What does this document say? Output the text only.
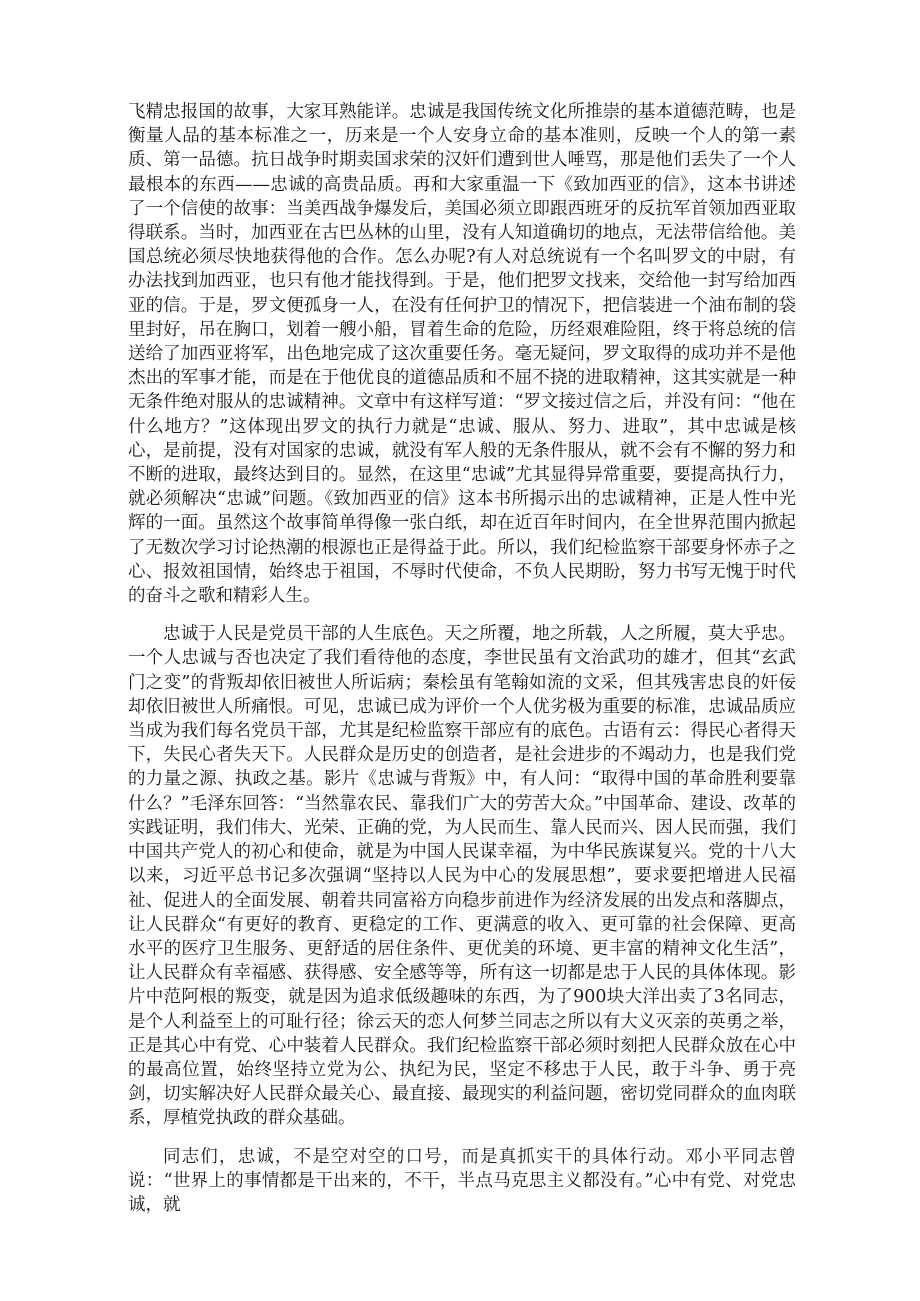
飞精忠报国的故事，大家耳熟能详。忠诚是我国传统文化所推崇的基本道德范畴，也是衡量人品的基本标准之一，历来是一个人安身立命的基本准则，反映一个人的第一素质、第一品德。抗日战争时期卖国求荣的汉奸们遭到世人唾骂，那是他们丢失了一个人最根本的东西——忠诚的高贵品质。再和大家重温一下《致加西亚的信》，这本书讲述了一个信使的故事：当美西战争爆发后，美国必须立即跟西班牙的反抗军首领加西亚取得联系。当时，加西亚在古巴丛林的山里，没有人知道确切的地点，无法带信给他。美国总统必须尽快地获得他的合作。怎么办呢?有人对总统说有一个名叫罗文的中尉，有办法找到加西亚，也只有他才能找得到。于是，他们把罗文找来，交给他一封写给加西亚的信。于是，罗文便孤身一人，在没有任何护卫的情况下，把信装进一个油布制的袋里封好，吊在胸口，划着一艘小船，冒着生命的危险，历经艰难险阻，终于将总统的信送给了加西亚将军，出色地完成了这次重要任务。毫无疑问，罗文取得的成功并不是他杰出的军事才能，而是在于他优良的道德品质和不屈不挠的进取精神，这其实就是一种无条件绝对服从的忠诚精神。文章中有这样写道：“罗文接过信之后，并没有问：“他在什么地方？”这体现出罗文的执行力就是“忠诚、服从、努力、进取”，其中忠诚是核心，是前提，没有对国家的忠诚，就没有军人般的无条件服从，就不会有不懈的努力和不断的进取，最终达到目的。显然，在这里“忠诚”尤其显得异常重要，要提高执行力，就必须解决“忠诚”问题。《致加西亚的信》这本书所揭示出的忠诚精神，正是人性中光辉的一面。虽然这个故事简单得像一张白纸，却在近百年时间内，在全世界范围内掀起了无数次学习讨论热潮的根源也正是得益于此。所以，我们纪检监察干部要身怀赤子之心、报效祖国情，始终忠于祖国，不辱时代使命，不负人民期盼，努力书写无愧于时代的奋斗之歌和精彩人生。

忠诚于人民是党员干部的人生底色。天之所覆，地之所载，人之所履，莫大乎忠。一个人忠诚与否也决定了我们看待他的态度，李世民虽有文治武功的雄才，但其“玄武门之变”的背叛却依旧被世人所诟病；秦桧虽有笔翰如流的文采，但其残害忠良的奸佞却依旧被世人所痛恨。可见，忠诚已成为评价一个人优劣极为重要的标准，忠诚品质应当成为我们每名党员干部，尤其是纪检监察干部应有的底色。古语有云：得民心者得天下，失民心者失天下。人民群众是历史的创造者，是社会进步的不竭动力，也是我们党的力量之源、执政之基。影片《忠诚与背叛》中，有人问：“取得中国的革命胜利要靠什么？”毛泽东回答：“当然靠农民、靠我们广大的劳苦大众。”中国革命、建设、改革的实践证明，我们伟大、光荣、正确的党，为人民而生、靠人民而兴、因人民而强，我们中国共产党人的初心和使命，就是为中国人民谋幸福，为中华民族谋复兴。党的十八大以来，习近平总书记多次强调“坚持以人民为中心的发展思想”，要求要把增进人民福祉、促进人的全面发展、朝着共同富裕方向稳步前进作为经济发展的出发点和落脚点，让人民群众“有更好的教育、更稳定的工作、更满意的收入、更可靠的社会保障、更高水平的医疗卫生服务、更舒适的居住条件、更优美的环境、更丰富的精神文化生活”，让人民群众有幸福感、获得感、安全感等等，所有这一切都是忠于人民的具体体现。影片中范阿根的叛变，就是因为追求低级趣味的东西，为了900块大洋出卖了3名同志，是个人利益至上的可耻行径；徐云天的恋人何梦兰同志之所以有大义灭亲的英勇之举，正是其心中有党、心中装着人民群众。我们纪检监察干部必须时刻把人民群众放在心中的最高位置，始终坚持立党为公、执纪为民，坚定不移忠于人民，敢于斗争、勇于亮剑，切实解决好人民群众最关心、最直接、最现实的利益问题，密切党同群众的血肉联系，厚植党执政的群众基础。

同志们，忠诚，不是空对空的口号，而是真抓实干的具体行动。邓小平同志曾说：“世界上的事情都是干出来的，不干，半点马克思主义都没有。”心中有党、对党忠诚，就
